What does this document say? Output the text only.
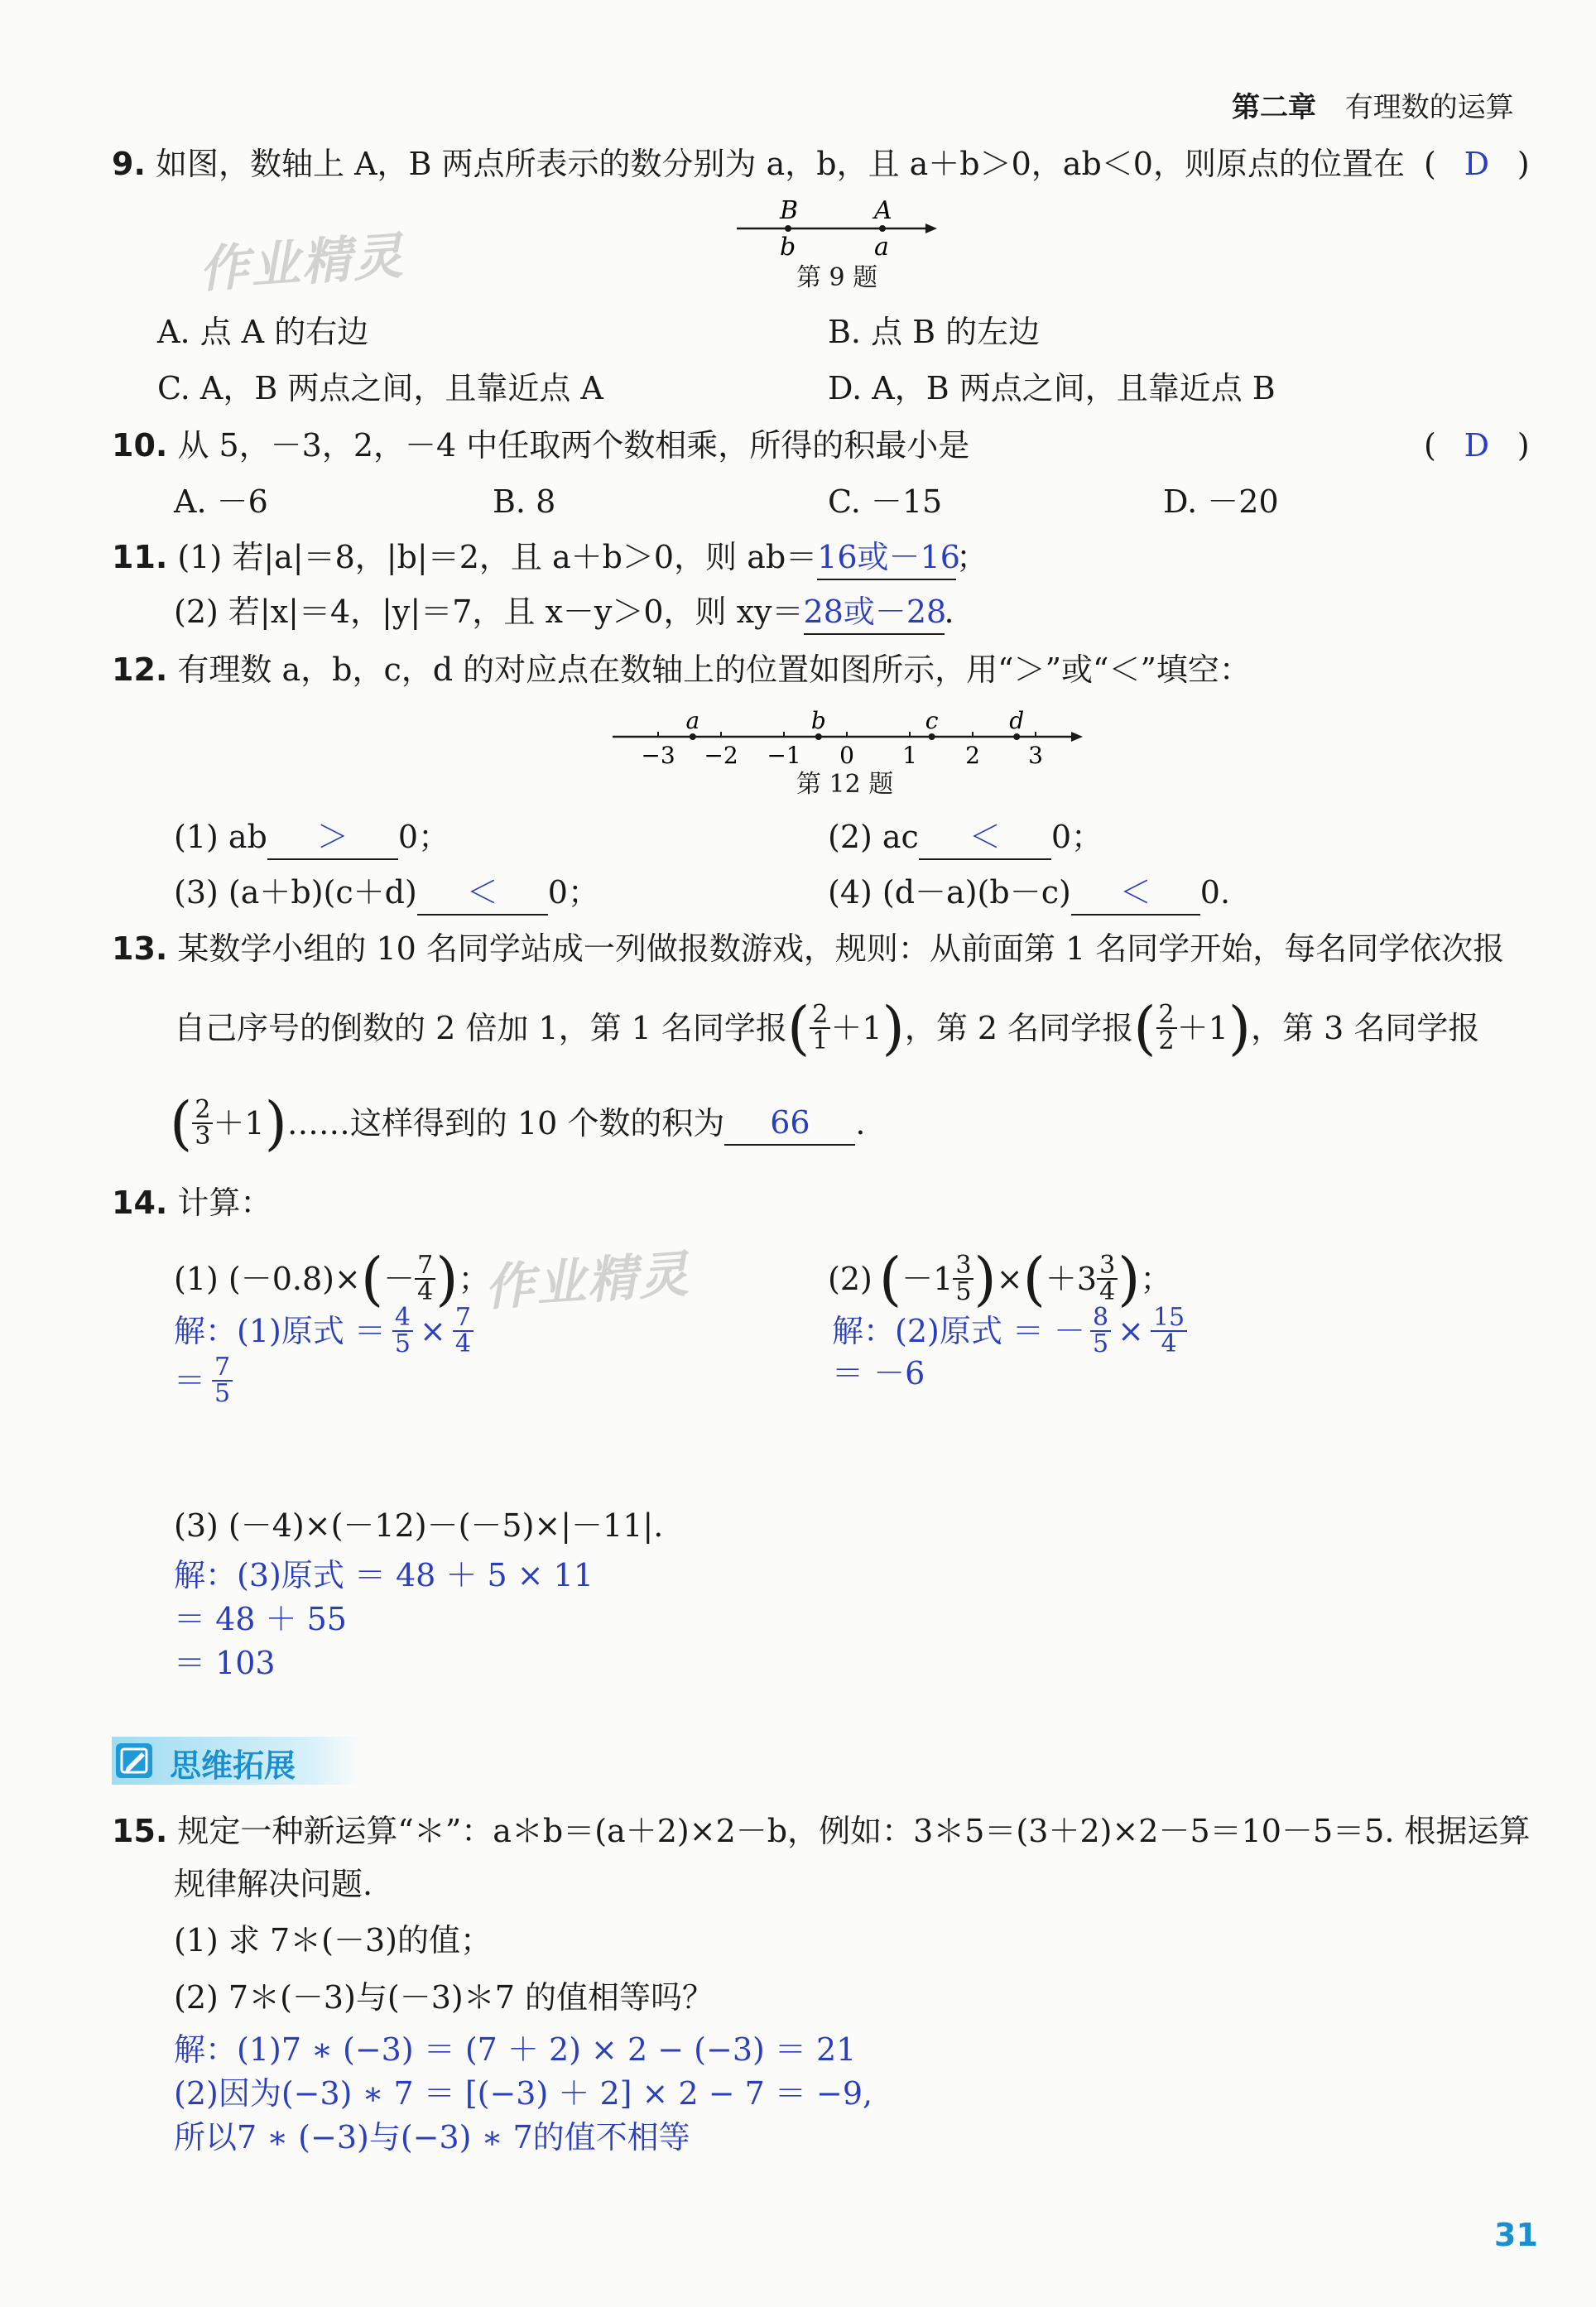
第二章 有理数的运算
作业精灵
作业精灵
9. 如图，数轴上 A，B 两点所表示的数分别为 a，b，且 a＋b＞0，ab＜0，则原点的位置在 ( D )
B	A
b	a
第 9 题
A. 点 A 的右边	B. 点 B 的左边
C. A，B 两点之间，且靠近点 A	D. A，B 两点之间，且靠近点 B
10. 从 5，－3，2，－4 中任取两个数相乘，所得的积最小是	( D )
A. －6	B. 8	C. －15	D. －20
11. (1) 若|a|＝8，|b|＝2，且 a＋b＞0，则 ab＝16或－16；
(2) 若|x|＝4，|y|＝7，且 x－y＞0，则 xy＝28或－28.
12. 有理数 a，b，c，d 的对应点在数轴上的位置如图所示，用“＞”或“＜”填空：
−3 −2 −1 0 1 2 3
a	b	c	d
第 12 题
(1) ab ＞ 0；	(2) ac ＜ 0；
(3) (a＋b)(c＋d) ＜ 0；	(4) (d－a)(b－c) ＜ 0.
13. 某数学小组的 10 名同学站成一列做报数游戏，规则：从前面第 1 名同学开始，每名同学依次报
自己序号的倒数的 2 倍加 1，第 1 名同学报 ( $\frac{2}{1} +1$ ) ，第 2 名同学报 ( $\frac{2}{2} +1$ ) ，第 3 名同学报
( $\frac{2}{3} +1$ ) ……这样得到的 10 个数的积为	66	.
14. 计算：
(1) (－0.8)× ( － $\frac{7}{4}$ ) ；
解：(1)原式 ＝ $\frac{4}{5} \times \frac{7}{4}$
＝ $\frac{7}{5}$
(2) ( $-1 \frac{3}{5}$ ) × ( $+3 \frac{3}{4}$ ) ；
解：(2)原式 ＝ － $\frac{8}{5} \times \frac{15}{4}$
＝ －6
(3) (－4)×(－12)－(－5)×|－11|.
解：(3)原式 ＝ 48 ＋ 5 × 11
＝ 48 ＋ 55
＝ 103
思维拓展
15. 规定一种新运算“＊”：a＊b＝(a＋2)×2－b，例如：3＊5＝(3＋2)×2－5＝10－5＝5. 根据运算
规律解决问题.
(1) 求 7＊(－3)的值；
(2) 7＊(－3)与(－3)＊7 的值相等吗？
解：(1)7 ∗ (−3) ＝ (7 ＋ 2) × 2 − (−3) ＝ 21
(2)因为(−3) ∗ 7 ＝ [(−3) ＋ 2] × 2 − 7 ＝ −9,
所以7 ∗ (−3)与(−3) ∗ 7的值不相等
31
